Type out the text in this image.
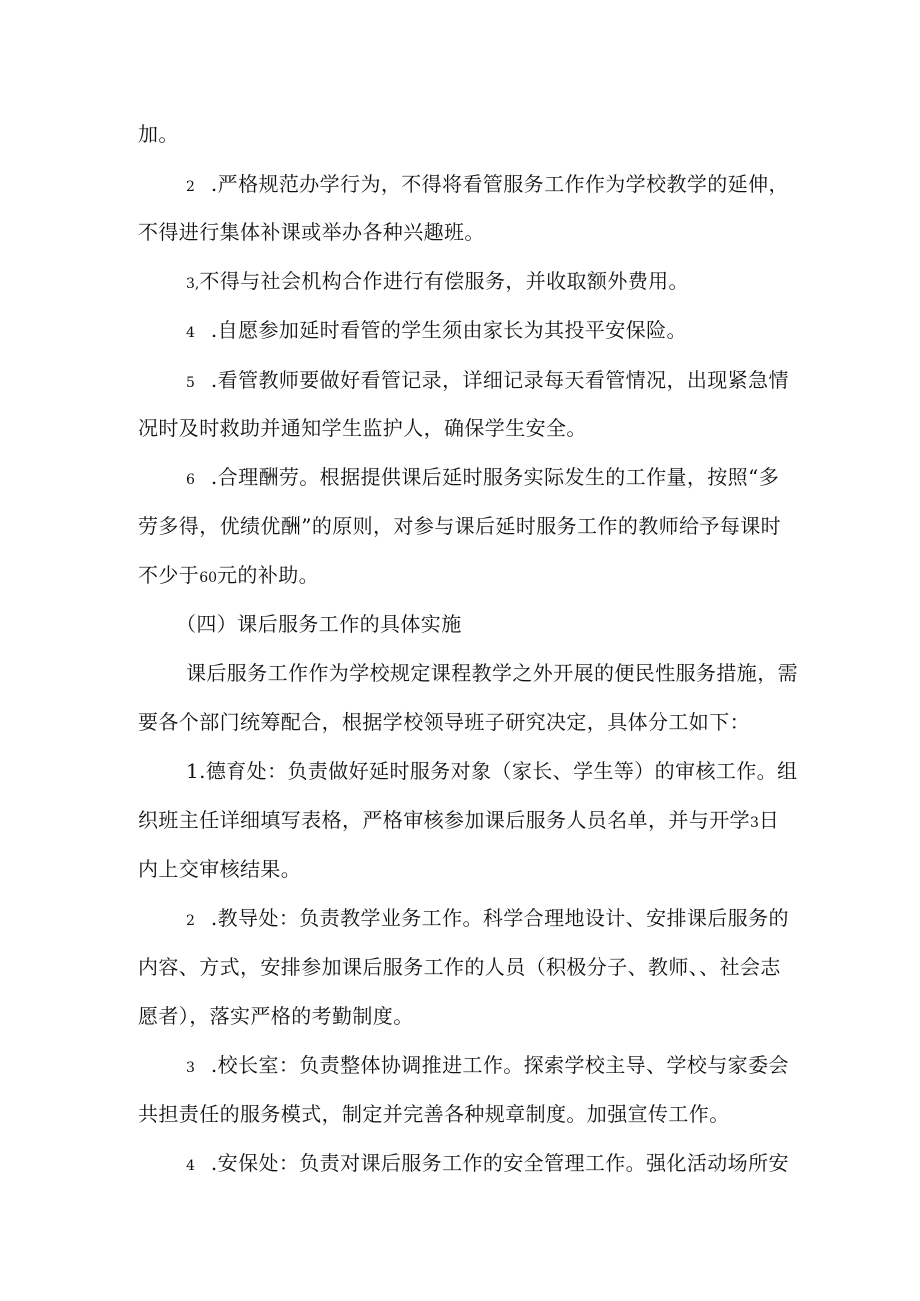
加。
2 .严格规范办学行为，不得将看管服务工作作为学校教学的延伸，
不得进行集体补课或举办各种兴趣班。
3,不得与社会机构合作进行有偿服务，并收取额外费用。
4 .自愿参加延时看管的学生须由家长为其投平安保险。
5 .看管教师要做好看管记录，详细记录每天看管情况，出现紧急情
况时及时救助并通知学生监护人，确保学生安全。
6 .合理酬劳。根据提供课后延时服务实际发生的工作量，按照“多
劳多得，优绩优酬”的原则，对参与课后延时服务工作的教师给予每课时
不少于60元的补助。
（四）课后服务工作的具体实施
课后服务工作作为学校规定课程教学之外开展的便民性服务措施，需
要各个部门统筹配合，根据学校领导班子研究决定，具体分工如下：
1.德育处：负责做好延时服务对象（家长、学生等）的审核工作。组
织班主任详细填写表格，严格审核参加课后服务人员名单，并与开学3日
内上交审核结果。
2 .教导处：负责教学业务工作。科学合理地设计、安排课后服务的
内容、方式，安排参加课后服务工作的人员（积极分子、教师、、社会志
愿者），落实严格的考勤制度。
3 .校长室：负责整体协调推进工作。探索学校主导、学校与家委会
共担责任的服务模式，制定并完善各种规章制度。加强宣传工作。
4 .安保处：负责对课后服务工作的安全管理工作。强化活动场所安
